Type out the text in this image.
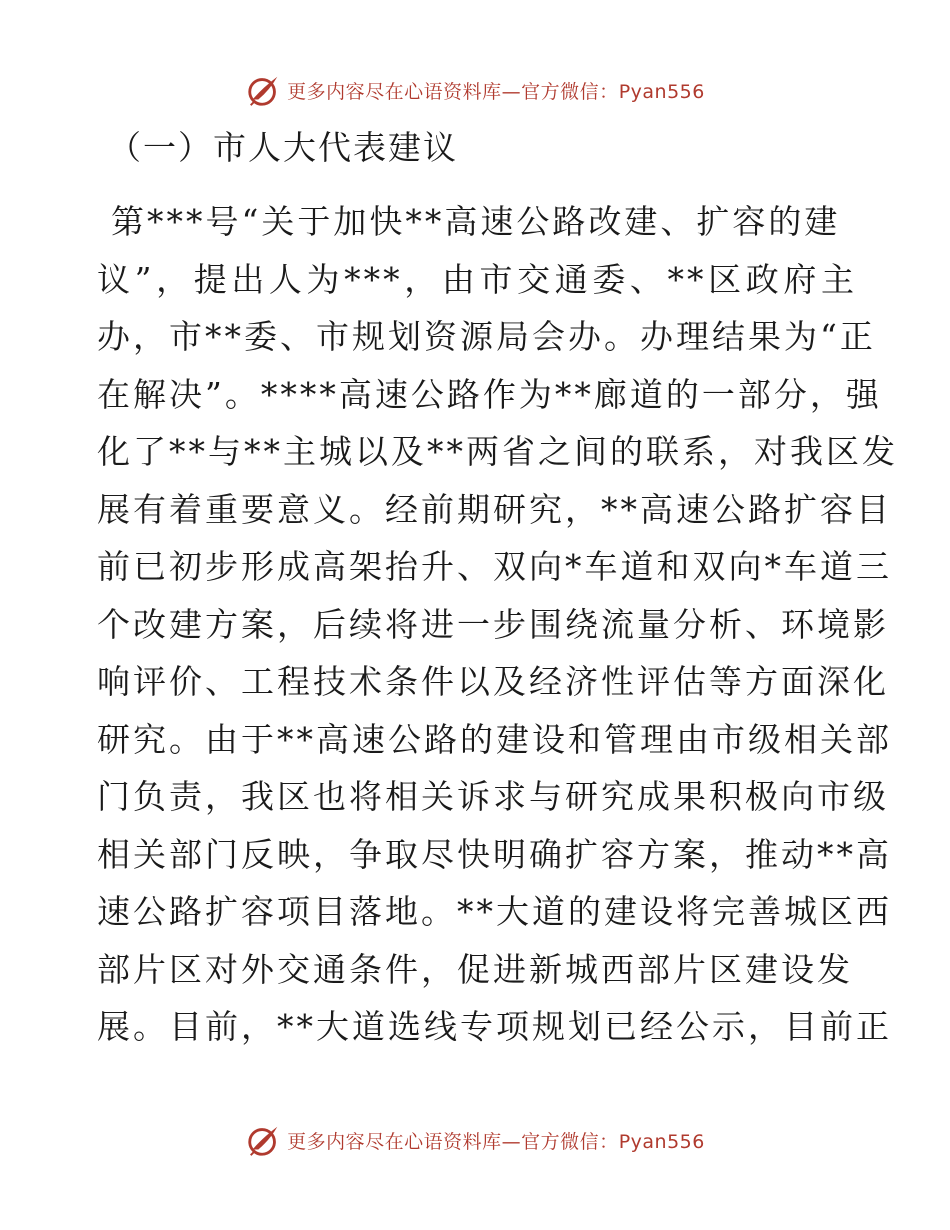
更多内容尽在心语资料库—官方微信：Pyan556
（一）市人大代表建议
第***号“关于加快**高速公路改建、扩容的建
议”，提出人为***，由市交通委、**区政府主
办，市**委、市规划资源局会办。办理结果为“正
在解决”。****高速公路作为**廊道的一部分，强
化了**与**主城以及**两省之间的联系，对我区发
展有着重要意义。经前期研究，**高速公路扩容目
前已初步形成高架抬升、双向*车道和双向*车道三
个改建方案，后续将进一步围绕流量分析、环境影
响评价、工程技术条件以及经济性评估等方面深化
研究。由于**高速公路的建设和管理由市级相关部
门负责，我区也将相关诉求与研究成果积极向市级
相关部门反映，争取尽快明确扩容方案，推动**高
速公路扩容项目落地。**大道的建设将完善城区西
部片区对外交通条件，促进新城西部片区建设发
展。目前，**大道选线专项规划已经公示，目前正
更多内容尽在心语资料库—官方微信：Pyan556
